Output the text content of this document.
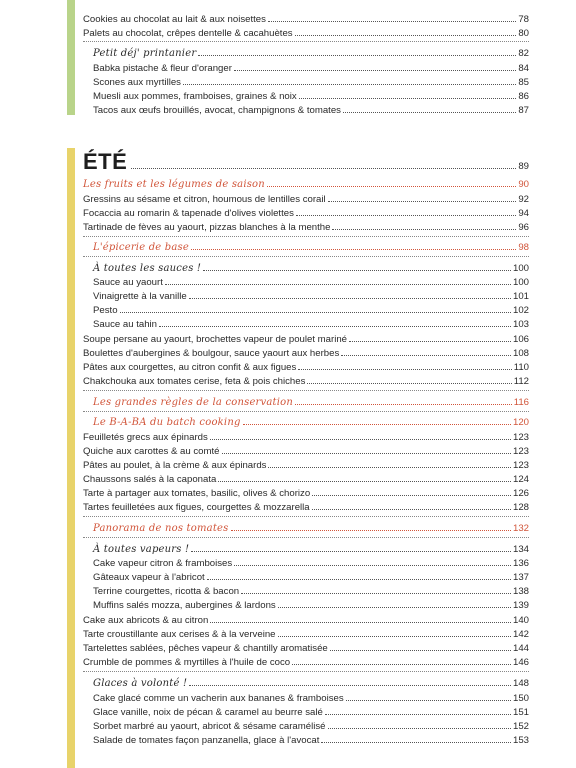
Cookies au chocolat au lait & aux noisettes	78
Palets au chocolat, crêpes dentelle & cacahuètes	80
Petit déj' printanier	82
Babka pistache & fleur d'oranger	84
Scones aux myrtilles	85
Muesli aux pommes, framboises, graines & noix	86
Tacos aux œufs brouillés, avocat, champignons & tomates	87
ÉTÉ	89
Les fruits et les légumes de saison	90
Gressins au sésame et citron, houmous de lentilles corail	92
Focaccia au romarin & tapenade d'olives violettes	94
Tartinade de fèves au yaourt, pizzas blanches à la menthe	96
L'épicerie de base	98
À toutes les sauces !	100
Sauce au yaourt	100
Vinaigrette à la vanille	101
Pesto	102
Sauce au tahin	103
Soupe persane au yaourt, brochettes vapeur de poulet mariné	106
Boulettes d'aubergines & boulgour, sauce yaourt aux herbes	108
Pâtes aux courgettes, au citron confit & aux figues	110
Chakchouka aux tomates cerise, feta & pois chiches	112
Les grandes règles de la conservation	116
Le B-A-BA du batch cooking	120
Feuilletés grecs aux épinards	123
Quiche aux carottes & au comté	123
Pâtes au poulet, à la crème & aux épinards	123
Chaussons salés à la caponata	124
Tarte à partager aux tomates, basilic, olives & chorizo	126
Tartes feuilletées aux figues, courgettes & mozzarella	128
Panorama de nos tomates	132
À toutes vapeurs !	134
Cake vapeur citron & framboises	136
Gâteaux vapeur à l'abricot	137
Terrine courgettes, ricotta & bacon	138
Muffins salés mozza, aubergines & lardons	139
Cake aux abricots & au citron	140
Tarte croustillante aux cerises & à la verveine	142
Tartelettes sablées, pêches vapeur & chantilly aromatisée	144
Crumble de pommes & myrtilles à l'huile de coco	146
Glaces à volonté !	148
Cake glacé comme un vacherin aux bananes & framboises	150
Glace vanille, noix de pécan & caramel au beurre salé	151
Sorbet marbré au yaourt, abricot & sésame caramélisé	152
Salade de tomates façon panzanella, glace à l'avocat	153
